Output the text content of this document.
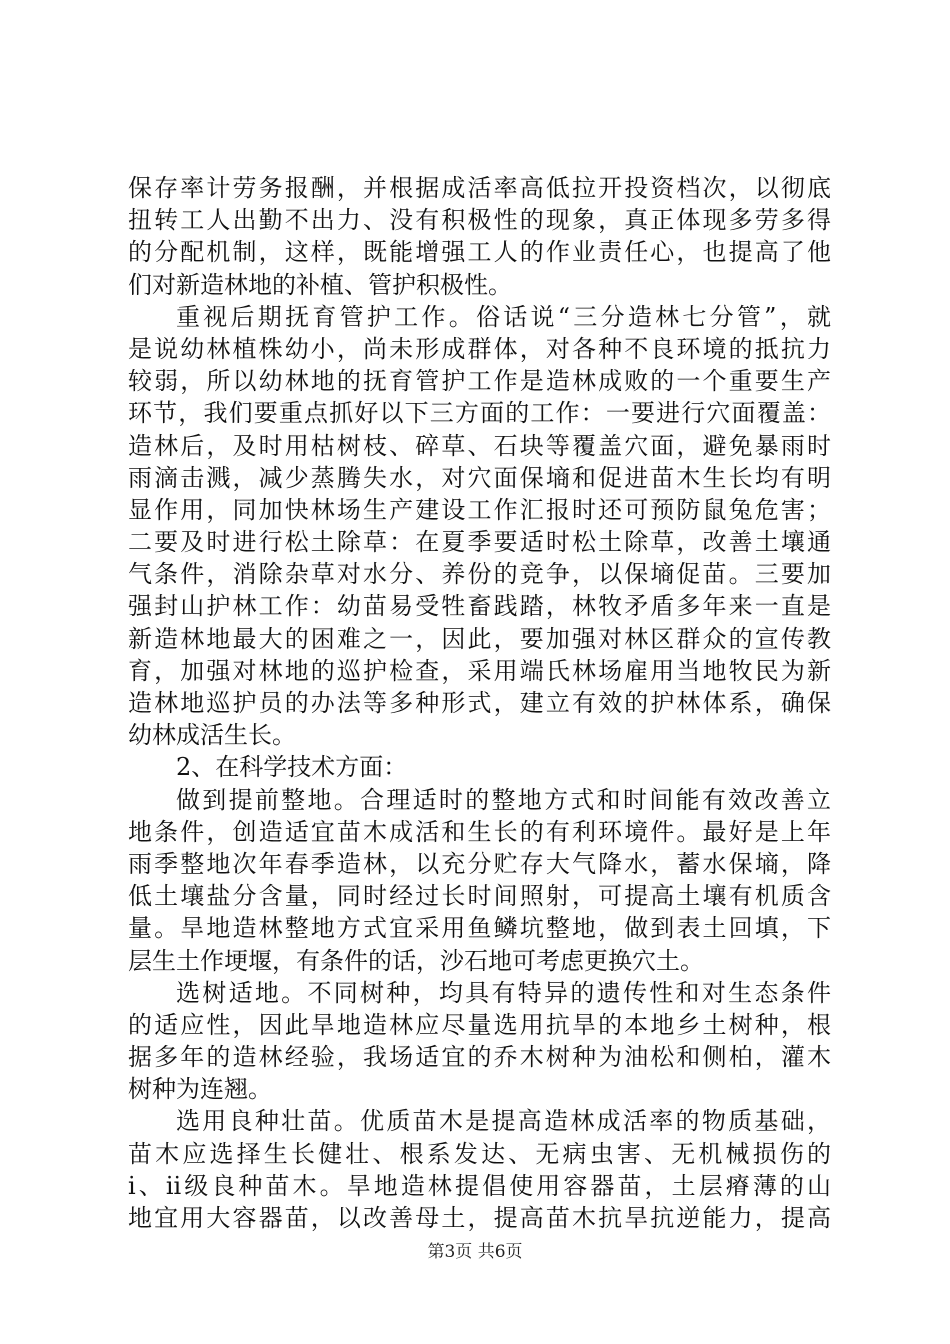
保存率计劳务报酬，并根据成活率高低拉开投资档次，以彻底
扭转工人出勤不出力、没有积极性的现象，真正体现多劳多得
的分配机制，这样，既能增强工人的作业责任心，也提高了他
们对新造林地的补植、管护积极性。
重视后期抚育管护工作。俗话说“三分造林七分管”，就
是说幼林植株幼小，尚未形成群体，对各种不良环境的抵抗力
较弱，所以幼林地的抚育管护工作是造林成败的一个重要生产
环节，我们要重点抓好以下三方面的工作：一要进行穴面覆盖：
造林后，及时用枯树枝、碎草、石块等覆盖穴面，避免暴雨时
雨滴击溅，减少蒸腾失水，对穴面保墒和促进苗木生长均有明
显作用，同加快林场生产建设工作汇报时还可预防鼠兔危害；
二要及时进行松土除草：在夏季要适时松土除草，改善土壤通
气条件，消除杂草对水分、养份的竞争，以保墒促苗。三要加
强封山护林工作：幼苗易受牲畜践踏，林牧矛盾多年来一直是
新造林地最大的困难之一，因此，要加强对林区群众的宣传教
育，加强对林地的巡护检查，采用端氏林场雇用当地牧民为新
造林地巡护员的办法等多种形式，建立有效的护林体系，确保
幼林成活生长。
2、在科学技术方面：
做到提前整地。合理适时的整地方式和时间能有效改善立
地条件，创造适宜苗木成活和生长的有利环境件。最好是上年
雨季整地次年春季造林，以充分贮存大气降水，蓄水保墒，降
低土壤盐分含量，同时经过长时间照射，可提高土壤有机质含
量。旱地造林整地方式宜采用鱼鳞坑整地，做到表土回填，下
层生土作埂堰，有条件的话，沙石地可考虑更换穴土。
选树适地。不同树种，均具有特异的遗传性和对生态条件
的适应性，因此旱地造林应尽量选用抗旱的本地乡土树种，根
据多年的造林经验，我场适宜的乔木树种为油松和侧柏，灌木
树种为连翘。
选用良种壮苗。优质苗木是提高造林成活率的物质基础，
苗木应选择生长健壮、根系发达、无病虫害、无机械损伤的
i、ii级良种苗木。旱地造林提倡使用容器苗，土层瘠薄的山
地宜用大容器苗，以改善母土，提高苗木抗旱抗逆能力，提高
第3页 共6页
